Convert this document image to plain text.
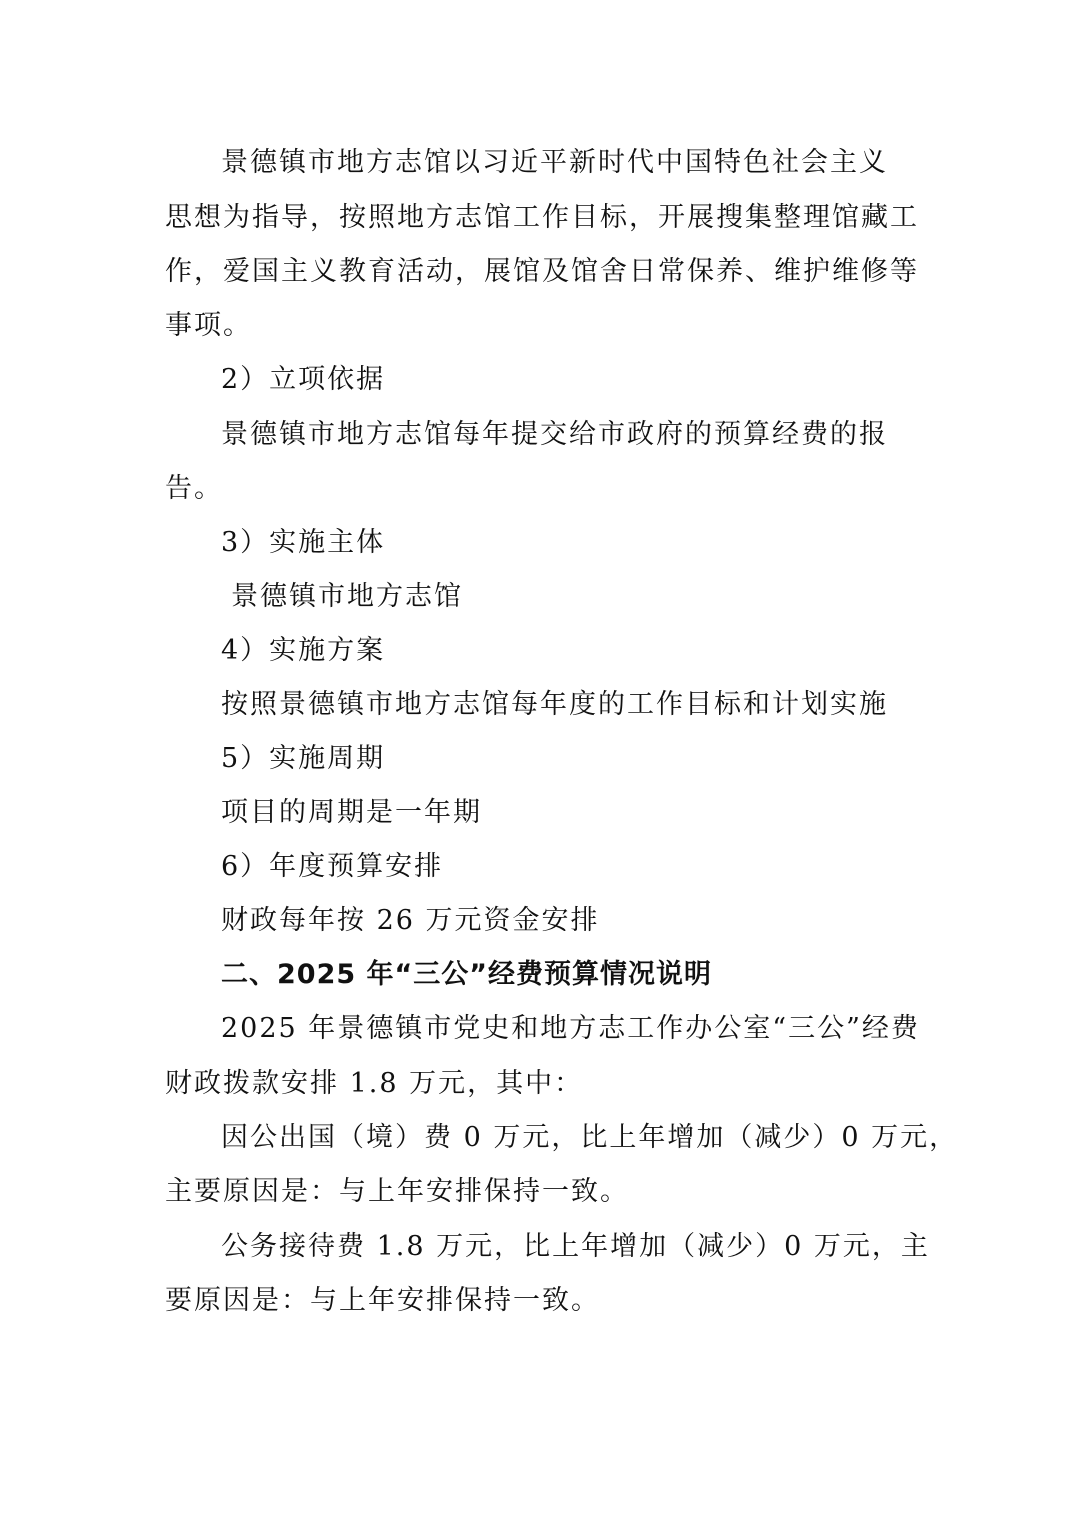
景德镇市地方志馆以习近平新时代中国特色社会主义
思想为指导，按照地方志馆工作目标，开展搜集整理馆藏工
作，爱国主义教育活动，展馆及馆舍日常保养、维护维修等
事项。
2）立项依据
景德镇市地方志馆每年提交给市政府的预算经费的报
告。
3）实施主体
景德镇市地方志馆
4）实施方案
按照景德镇市地方志馆每年度的工作目标和计划实施
5）实施周期
项目的周期是一年期
6）年度预算安排
财政每年按 26 万元资金安排
二、2025 年“三公”经费预算情况说明
2025 年景德镇市党史和地方志工作办公室“三公”经费
财政拨款安排 1.8 万元，其中：
因公出国（境）费 0 万元，比上年增加（减少）0 万元，
主要原因是：与上年安排保持一致。
公务接待费 1.8 万元，比上年增加（减少）0 万元，主
要原因是：与上年安排保持一致。
